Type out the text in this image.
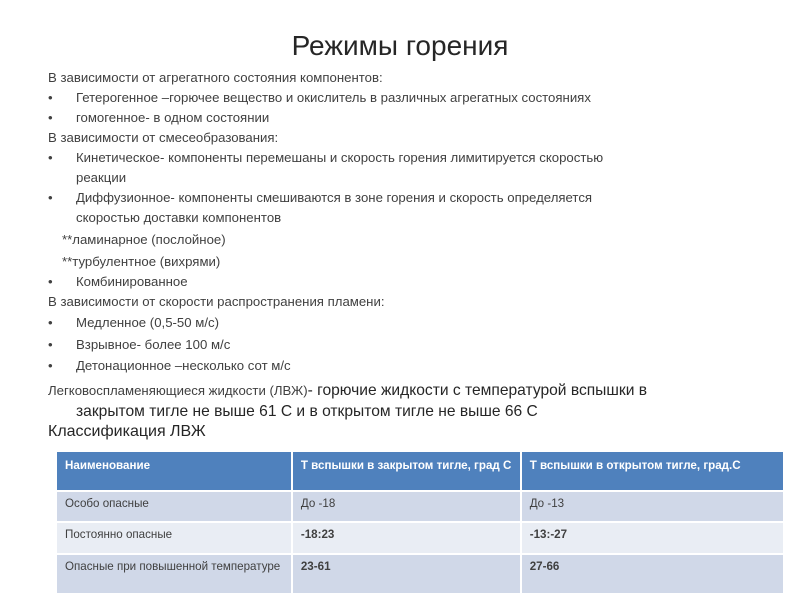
Режимы горения
В зависимости от агрегатного состояния компонентов:
• Гетерогенное –горючее вещество и окислитель в различных агрегатных состояниях
• гомогенное- в одном состоянии
В зависимости от смесеобразования:
• Кинетическое- компоненты перемешаны и скорость горения лимитируется скоростью
реакции
• Диффузионное- компоненты смешиваются в зоне горения и скорость определяется
скоростью доставки компонентов
**ламинарное (послойное)
**турбулентное (вихрями)
• Комбинированное
В зависимости от скорости распространения пламени:
• Медленное (0,5-50 м/с)
• Взрывное- более 100 м/с
• Детонационное –несколько сот м/с
Легковоспламеняющиеся жидкости (ЛВЖ)- горючие жидкости с температурой вспышки в
закрытом тигле не выше 61 С и в открытом тигле не выше 66 С
Классификация ЛВЖ
Наименование	Т вспышки в закрытом тигле, град С	Т вспышки в открытом тигле, град.С
Особо опасные	До -18	До -13
Постоянно опасные	-18:23	-13:-27
Опасные при повышенной температуре	23-61	27-66
